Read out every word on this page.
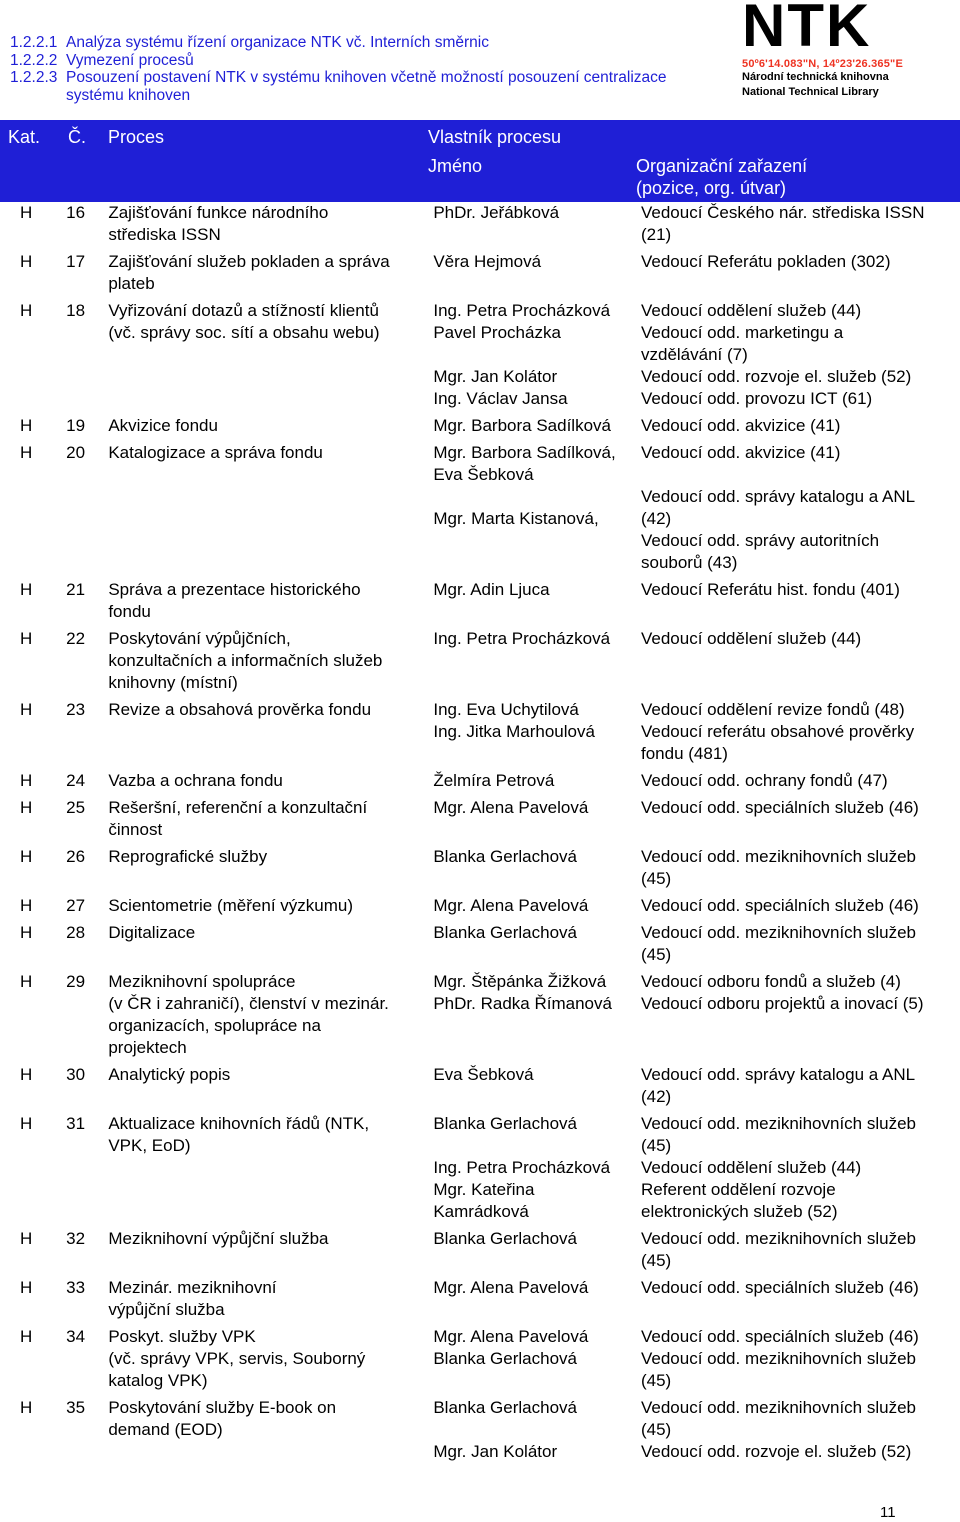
1.2.2.1 Analýza systému řízení organizace NTK vč. Interních směrnic
1.2.2.2 Vymezení procesů
1.2.2.3 Posouzení postavení NTK v systému knihoven včetně možností posouzení centralizace
systému knihoven
NTK
50º6'14.083"N, 14º23'26.365"E
Národní technická knihovna
National Technical Library
Kat. Č. Proces	Vlastník procesu
Jméno	Organizační zařazení
(pozice, org. útvar)
H	16	Zajišťování funkce národního
střediska ISSN	PhDr. Jeřábková	Vedoucí Českého nár. střediska ISSN
(21)
H	17	Zajišťování služeb pokladen a správa
plateb	Věra Hejmová	Vedoucí Referátu pokladen (302)
H	18	Vyřizování dotazů a stížností klientů
(vč. správy soc. sítí a obsahu webu)	Ing. Petra Procházková
Pavel Procházka

Mgr. Jan Kolátor
Ing. Václav Jansa	Vedoucí oddělení služeb (44)
Vedoucí odd. marketingu a
vzdělávání (7)
Vedoucí odd. rozvoje el. služeb (52)
Vedoucí odd. provozu ICT (61)
H	19	Akvizice fondu	Mgr. Barbora Sadílková	Vedoucí odd. akvizice (41)
H	20	Katalogizace a správa fondu	Mgr. Barbora Sadílková,
Eva Šebková

Mgr. Marta Kistanová,	Vedoucí odd. akvizice (41)

Vedoucí odd. správy katalogu a ANL
(42)
Vedoucí odd. správy autoritních
souborů (43)
H	21	Správa a prezentace historického
fondu	Mgr. Adin Ljuca	Vedoucí Referátu hist. fondu (401)
H	22	Poskytování výpůjčních,
konzultačních a informačních služeb
knihovny (místní)	Ing. Petra Procházková	Vedoucí oddělení služeb (44)
H	23	Revize a obsahová prověrka fondu	Ing. Eva Uchytilová
Ing. Jitka Marhoulová	Vedoucí oddělení revize fondů (48)
Vedoucí referátu obsahové prověrky
fondu (481)
H	24	Vazba a ochrana fondu	Želmíra Petrová	Vedoucí odd. ochrany fondů (47)
H	25	Rešeršní, referenční a konzultační
činnost	Mgr. Alena Pavelová	Vedoucí odd. speciálních služeb (46)
H	26	Reprografické služby	Blanka Gerlachová	Vedoucí odd. meziknihovních služeb
(45)
H	27	Scientometrie (měření výzkumu)	Mgr. Alena Pavelová	Vedoucí odd. speciálních služeb (46)
H	28	Digitalizace	Blanka Gerlachová	Vedoucí odd. meziknihovních služeb
(45)
H	29	Meziknihovní spolupráce
(v ČR i zahraničí), členství v mezinár.
organizacích, spolupráce na
projektech	Mgr. Štěpánka Žižková
PhDr. Radka Římanová	Vedoucí odboru fondů a služeb (4)
Vedoucí odboru projektů a inovací (5)
H	30	Analytický popis	Eva Šebková	Vedoucí odd. správy katalogu a ANL
(42)
H	31	Aktualizace knihovních řádů (NTK,
VPK, EoD)	Blanka Gerlachová

Ing. Petra Procházková
Mgr. Kateřina
Kamrádková	Vedoucí odd. meziknihovních služeb
(45)
Vedoucí oddělení služeb (44)
Referent oddělení rozvoje
elektronických služeb (52)
H	32	Meziknihovní výpůjční služba	Blanka Gerlachová	Vedoucí odd. meziknihovních služeb
(45)
H	33	Mezinár. meziknihovní
výpůjční služba	Mgr. Alena Pavelová	Vedoucí odd. speciálních služeb (46)
H	34	Poskyt. služby VPK
(vč. správy VPK, servis, Souborný
katalog VPK)	Mgr. Alena Pavelová
Blanka Gerlachová	Vedoucí odd. speciálních služeb (46)
Vedoucí odd. meziknihovních služeb
(45)
H	35	Poskytování služby E-book on
demand (EOD)	Blanka Gerlachová

Mgr. Jan Kolátor	Vedoucí odd. meziknihovních služeb
(45)
Vedoucí odd. rozvoje el. služeb (52)
11
